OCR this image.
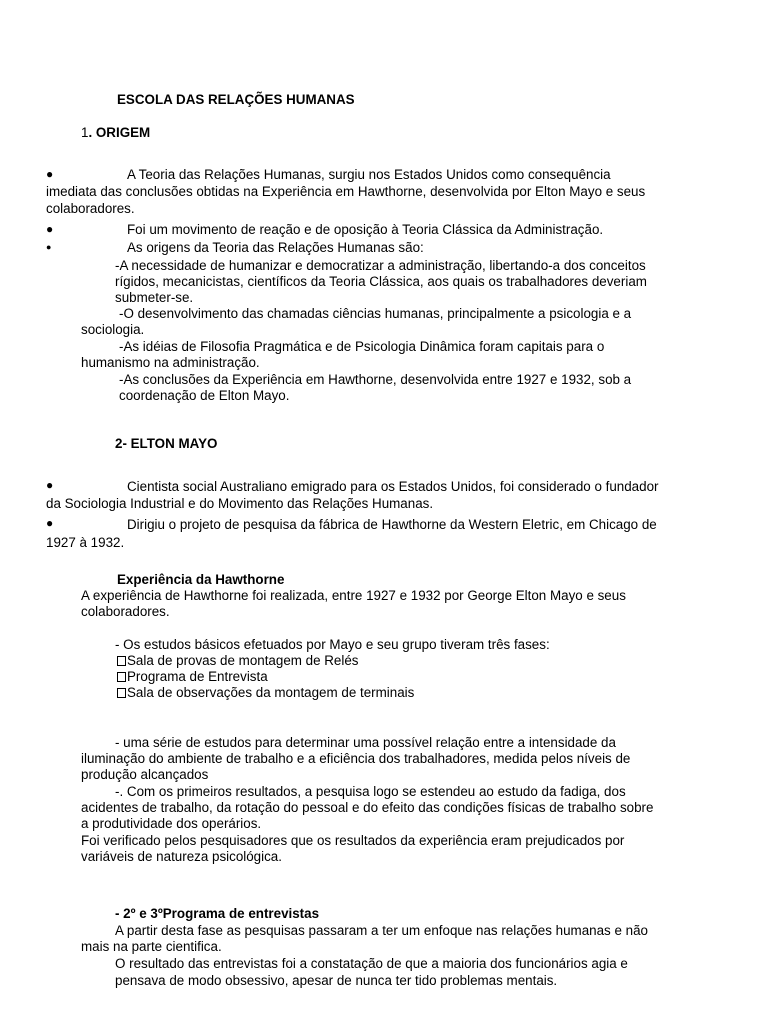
ESCOLA DAS RELAÇÕES HUMANAS
1. ORIGEM
●	A Teoria das Relações Humanas, surgiu nos Estados Unidos como consequência
imediata das conclusões obtidas na Experiência em Hawthorne, desenvolvida por Elton Mayo e seus
colaboradores.
●	Foi um movimento de reação e de oposição à Teoria Clássica da Administração.
●	As origens da Teoria das Relações Humanas são:
-A necessidade de humanizar e democratizar a administração, libertando-a dos conceitos
rígidos, mecanicistas, científicos da Teoria Clássica, aos quais os trabalhadores deveriam
submeter-se.
-O desenvolvimento das chamadas ciências humanas, principalmente a psicologia e a
sociologia.
-As idéias de Filosofia Pragmática e de Psicologia Dinâmica foram capitais para o
humanismo na administração.
-As conclusões da Experiência em Hawthorne, desenvolvida entre 1927 e 1932, sob a
coordenação de Elton Mayo.
2- ELTON MAYO
●	Cientista social Australiano emigrado para os Estados Unidos, foi considerado o fundador
da Sociologia Industrial e do Movimento das Relações Humanas.
●	Dirigiu o projeto de pesquisa da fábrica de Hawthorne da Western Eletric, em Chicago de
1927 à 1932.
Experiência da Hawthorne
A experiência de Hawthorne foi realizada, entre 1927 e 1932 por George Elton Mayo e seus
colaboradores.
- Os estudos básicos efetuados por Mayo e seu grupo tiveram três fases:
Sala de provas de montagem de Relés
Programa de Entrevista
Sala de observações da montagem de terminais
- uma série de estudos para determinar uma possível relação entre a intensidade da
iluminação do ambiente de trabalho e a eficiência dos trabalhadores, medida pelos níveis de
produção alcançados
-. Com os primeiros resultados, a pesquisa logo se estendeu ao estudo da fadiga, dos
acidentes de trabalho, da rotação do pessoal e do efeito das condições físicas de trabalho sobre
a produtividade dos operários.
Foi verificado pelos pesquisadores que os resultados da experiência eram prejudicados por
variáveis de natureza psicológica.
- 2º e 3ºPrograma de entrevistas
A partir desta fase as pesquisas passaram a ter um enfoque nas relações humanas e não
mais na parte cientifica.
O resultado das entrevistas foi a constatação de que a maioria dos funcionários agia e
pensava de modo obsessivo, apesar de nunca ter tido problemas mentais.
